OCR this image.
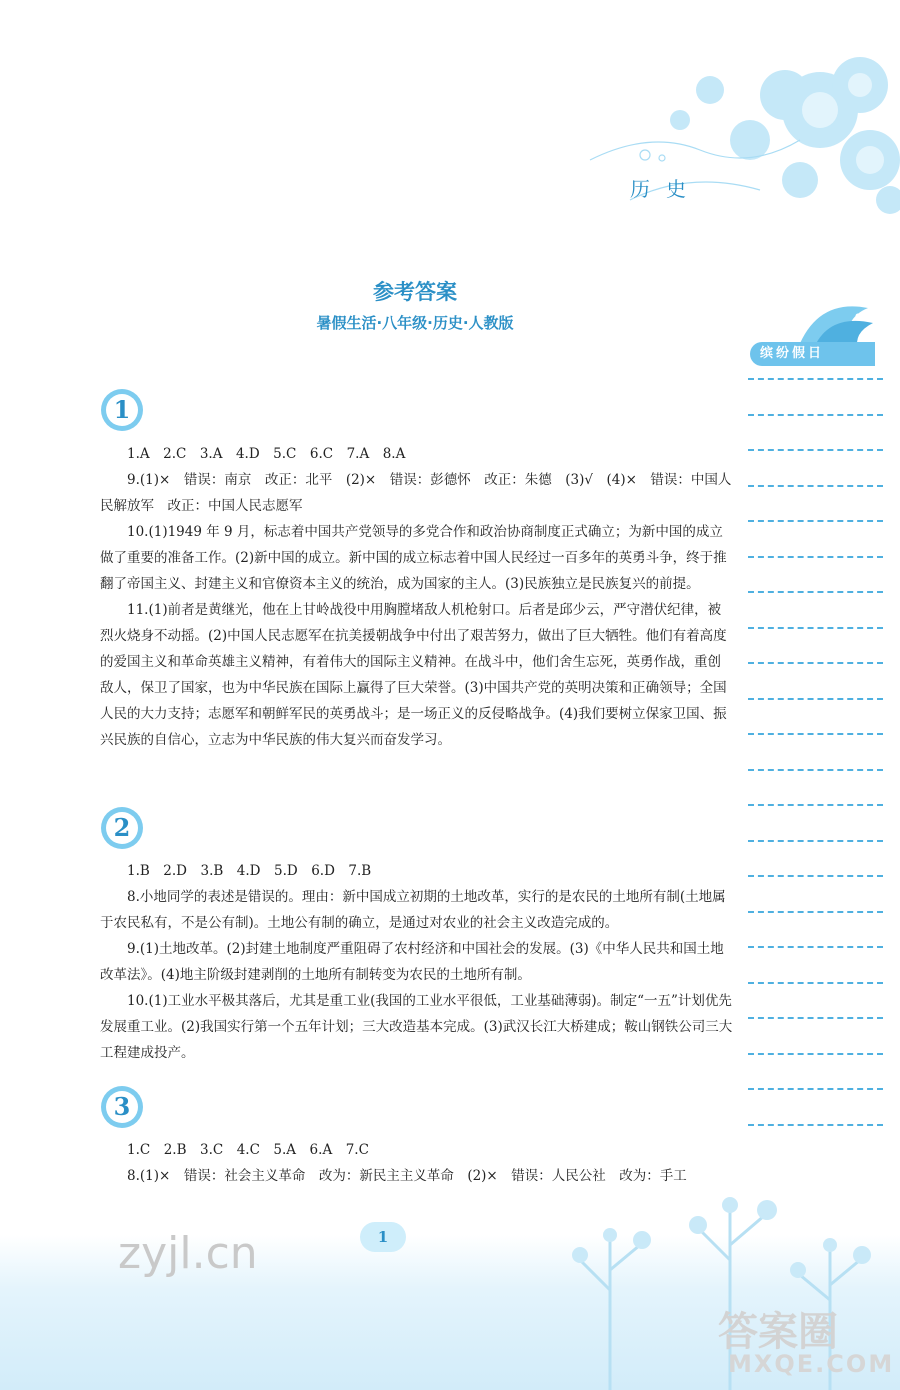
历史
参考答案
暑假生活·八年级·历史·人教版
缤纷假日
1

1.A　2.C　3.A　4.D　5.C　6.C　7.A　8.A

9.(1)×　错误：南京　改正：北平　(2)×　错误：彭德怀　改正：朱德　(3)√　(4)×　错误：中国人民解放军　改正：中国人民志愿军

10.(1)1949 年 9 月，标志着中国共产党领导的多党合作和政治协商制度正式确立；为新中国的成立做了重要的准备工作。(2)新中国的成立。新中国的成立标志着中国人民经过一百多年的英勇斗争，终于推翻了帝国主义、封建主义和官僚资本主义的统治，成为国家的主人。(3)民族独立是民族复兴的前提。

11.(1)前者是黄继光，他在上甘岭战役中用胸膛堵敌人机枪射口。后者是邱少云，严守潜伏纪律，被烈火烧身不动摇。(2)中国人民志愿军在抗美援朝战争中付出了艰苦努力，做出了巨大牺牲。他们有着高度的爱国主义和革命英雄主义精神，有着伟大的国际主义精神。在战斗中，他们舍生忘死，英勇作战，重创敌人，保卫了国家，也为中华民族在国际上赢得了巨大荣誉。(3)中国共产党的英明决策和正确领导；全国人民的大力支持；志愿军和朝鲜军民的英勇战斗；是一场正义的反侵略战争。(4)我们要树立保家卫国、振兴民族的自信心，立志为中华民族的伟大复兴而奋发学习。

2

1.B　2.D　3.B　4.D　5.D　6.D　7.B

8.小地同学的表述是错误的。理由：新中国成立初期的土地改革，实行的是农民的土地所有制(土地属于农民私有，不是公有制)。土地公有制的确立，是通过对农业的社会主义改造完成的。

9.(1)土地改革。(2)封建土地制度严重阻碍了农村经济和中国社会的发展。(3)《中华人民共和国土地改革法》。(4)地主阶级封建剥削的土地所有制转变为农民的土地所有制。

10.(1)工业水平极其落后，尤其是重工业(我国的工业水平很低，工业基础薄弱)。制定“一五”计划优先发展重工业。(2)我国实行第一个五年计划；三大改造基本完成。(3)武汉长江大桥建成；鞍山钢铁公司三大工程建成投产。

3

1.C　2.B　3.C　4.C　5.A　6.A　7.C

8.(1)×　错误：社会主义革命　改为：新民主主义革命　(2)×　错误：人民公社　改为：手工

1
zyjl.cn
答案圈
MXQE.COM
